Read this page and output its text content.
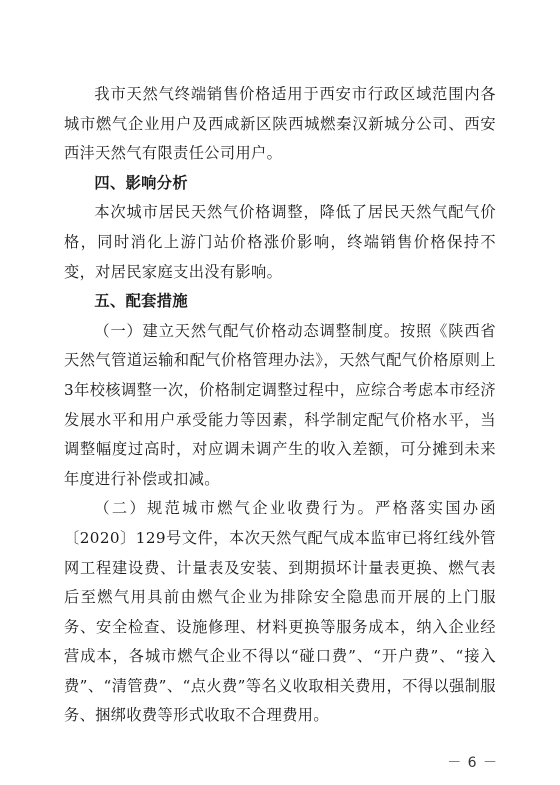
我市天然气终端销售价格适用于西安市行政区域范围内各城市燃气企业用户及西咸新区陕西城燃秦汉新城分公司、西安西沣天然气有限责任公司用户。

四、影响分析

本次城市居民天然气价格调整，降低了居民天然气配气价格，同时消化上游门站价格涨价影响，终端销售价格保持不变，对居民家庭支出没有影响。

五、配套措施

（一）建立天然气配气价格动态调整制度。按照《陕西省天然气管道运输和配气价格管理办法》，天然气配气价格原则上3年校核调整一次，价格制定调整过程中，应综合考虑本市经济发展水平和用户承受能力等因素，科学制定配气价格水平，当调整幅度过高时，对应调未调产生的收入差额，可分摊到未来年度进行补偿或扣减。

（二）规范城市燃气企业收费行为。严格落实国办函〔2020〕129号文件，本次天然气配气成本监审已将红线外管网工程建设费、计量表及安装、到期损坏计量表更换、燃气表后至燃气用具前由燃气企业为排除安全隐患而开展的上门服务、安全检查、设施修理、材料更换等服务成本，纳入企业经营成本，各城市燃气企业不得以“碰口费”、“开户费”、“接入费”、“清管费”、“点火费”等名义收取相关费用，不得以强制服务、捆绑收费等形式收取不合理费用。

－ 6 －
